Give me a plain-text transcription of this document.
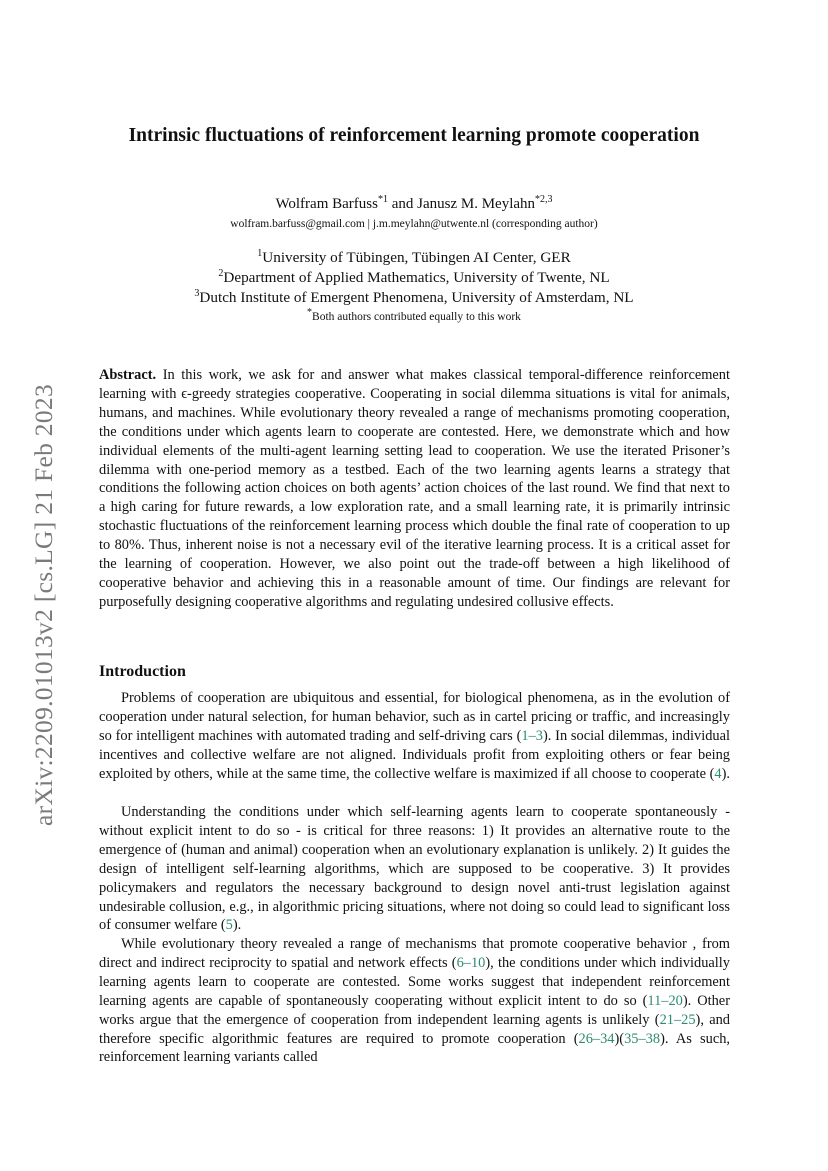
arXiv:2209.01013v2 [cs.LG] 21 Feb 2023
Intrinsic fluctuations of reinforcement learning promote cooperation
Wolfram Barfuss$^{*1}$ and Janusz M. Meylahn$^{*2,3}$
wolfram.barfuss@gmail.com | j.m.meylahn@utwente.nl (corresponding author)
$^1$University of Tübingen, Tübingen AI Center, GER
$^2$Department of Applied Mathematics, University of Twente, NL
$^3$Dutch Institute of Emergent Phenomena, University of Amsterdam, NL
*Both authors contributed equally to this work
Abstract. In this work, we ask for and answer what makes classical temporal-difference reinforcement learning with ϵ-greedy strategies cooperative. Cooperating in social dilemma situations is vital for animals, humans, and machines. While evolutionary theory revealed a range of mechanisms promoting cooperation, the conditions under which agents learn to cooperate are contested. Here, we demonstrate which and how individual elements of the multi-agent learning setting lead to cooperation. We use the iterated Prisoner’s dilemma with one-period memory as a testbed. Each of the two learning agents learns a strategy that conditions the following action choices on both agents’ action choices of the last round. We find that next to a high caring for future rewards, a low exploration rate, and a small learning rate, it is primarily intrinsic stochastic fluctuations of the reinforcement learning process which double the final rate of cooperation to up to 80%. Thus, inherent noise is not a necessary evil of the iterative learning process. It is a critical asset for the learning of cooperation. However, we also point out the trade-off between a high likelihood of cooperative behavior and achieving this in a reasonable amount of time. Our findings are relevant for purposefully designing cooperative algorithms and regulating undesired collusive effects.
Introduction
Problems of cooperation are ubiquitous and essential, for biological phenomena, as in the evolution of cooperation under natural selection, for human behavior, such as in cartel pricing or traffic, and increasingly so for intelligent machines with automated trading and self-driving cars (1–3). In social dilemmas, individual incentives and collective welfare are not aligned. Individuals profit from exploiting others or fear being exploited by others, while at the same time, the collective welfare is maximized if all choose to cooperate (4).
Understanding the conditions under which self-learning agents learn to cooperate spontaneously - without explicit intent to do so - is critical for three reasons: 1) It provides an alternative route to the emergence of (human and animal) cooperation when an evolutionary explanation is unlikely. 2) It guides the design of intelligent self-learning algorithms, which are supposed to be cooperative. 3) It provides policymakers and regulators the necessary background to design novel anti-trust legislation against undesirable collusion, e.g., in algorithmic pricing situations, where not doing so could lead to significant loss of consumer welfare (5).
While evolutionary theory revealed a range of mechanisms that promote cooperative behavior , from direct and indirect reciprocity to spatial and network effects (6–10), the conditions under which individually learning agents learn to cooperate are contested. Some works suggest that independent reinforcement learning agents are capable of spontaneously cooperating without explicit intent to do so (11–20). Other works argue that the emergence of cooperation from independent learning agents is unlikely (21–25), and therefore specific algorithmic features are required to promote cooperation (26–34)(35–38). As such, reinforcement learning variants called
